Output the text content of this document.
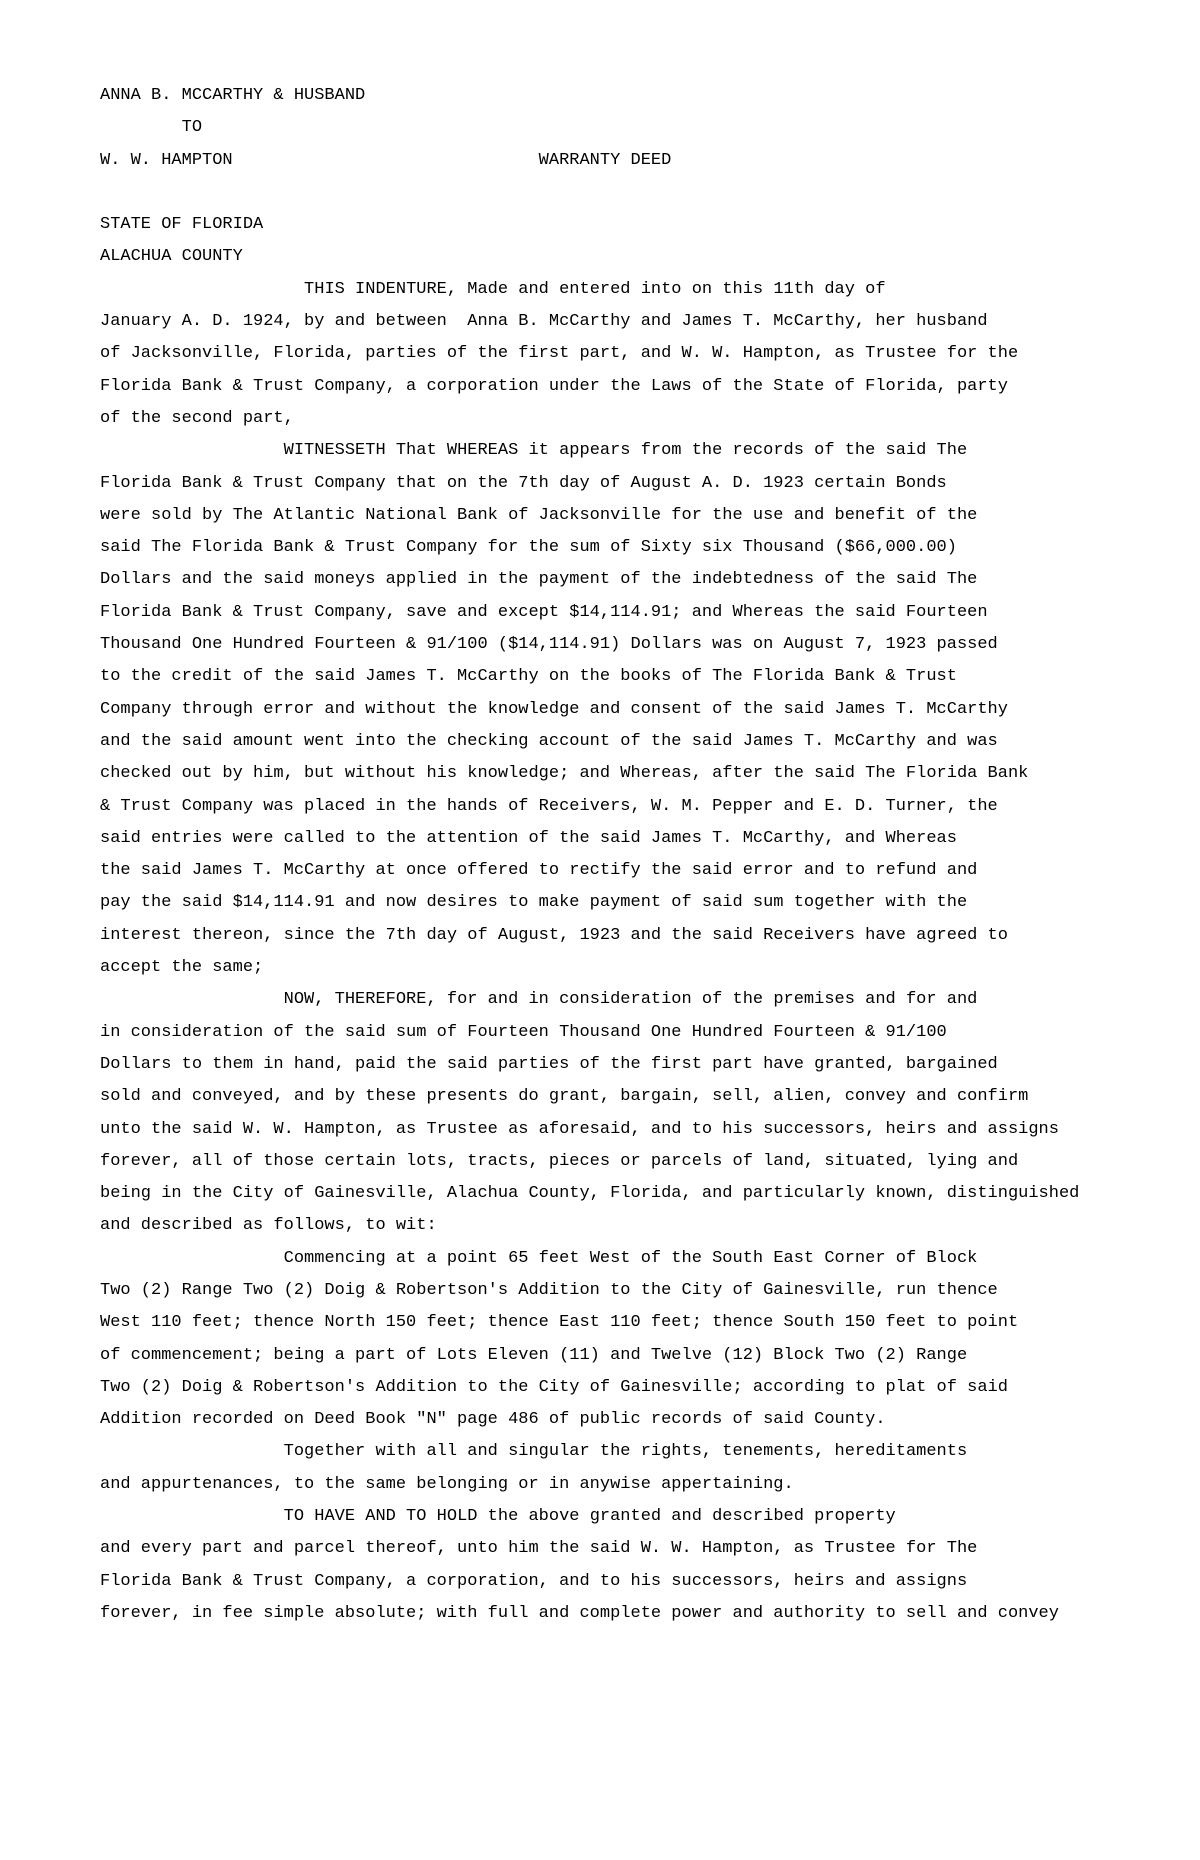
ANNA B. MCCARTHY & HUSBAND
TO
W. W. HAMPTON                              WARRANTY DEED

STATE OF FLORIDA
ALACHUA COUNTY
THIS INDENTURE, Made and entered into on this 11th day of
January A. D. 1924, by and between  Anna B. McCarthy and James T. McCarthy, her husband
of Jacksonville, Florida, parties of the first part, and W. W. Hampton, as Trustee for the
Florida Bank & Trust Company, a corporation under the Laws of the State of Florida, party
of the second part,
WITNESSETH That WHEREAS it appears from the records of the said The
Florida Bank & Trust Company that on the 7th day of August A. D. 1923 certain Bonds
were sold by The Atlantic National Bank of Jacksonville for the use and benefit of the
said The Florida Bank & Trust Company for the sum of Sixty six Thousand ($66,000.00)
Dollars and the said moneys applied in the payment of the indebtedness of the said The
Florida Bank & Trust Company, save and except $14,114.91; and Whereas the said Fourteen
Thousand One Hundred Fourteen & 91/100 ($14,114.91) Dollars was on August 7, 1923 passed
to the credit of the said James T. McCarthy on the books of The Florida Bank & Trust
Company through error and without the knowledge and consent of the said James T. McCarthy
and the said amount went into the checking account of the said James T. McCarthy and was
checked out by him, but without his knowledge; and Whereas, after the said The Florida Bank
& Trust Company was placed in the hands of Receivers, W. M. Pepper and E. D. Turner, the
said entries were called to the attention of the said James T. McCarthy, and Whereas
the said James T. McCarthy at once offered to rectify the said error and to refund and
pay the said $14,114.91 and now desires to make payment of said sum together with the
interest thereon, since the 7th day of August, 1923 and the said Receivers have agreed to
accept the same;
NOW, THEREFORE, for and in consideration of the premises and for and
in consideration of the said sum of Fourteen Thousand One Hundred Fourteen & 91/100
Dollars to them in hand, paid the said parties of the first part have granted, bargained
sold and conveyed, and by these presents do grant, bargain, sell, alien, convey and confirm
unto the said W. W. Hampton, as Trustee as aforesaid, and to his successors, heirs and assigns
forever, all of those certain lots, tracts, pieces or parcels of land, situated, lying and
being in the City of Gainesville, Alachua County, Florida, and particularly known, distinguished
and described as follows, to wit:
Commencing at a point 65 feet West of the South East Corner of Block
Two (2) Range Two (2) Doig & Robertson's Addition to the City of Gainesville, run thence
West 110 feet; thence North 150 feet; thence East 110 feet; thence South 150 feet to point
of commencement; being a part of Lots Eleven (11) and Twelve (12) Block Two (2) Range
Two (2) Doig & Robertson's Addition to the City of Gainesville; according to plat of said
Addition recorded on Deed Book "N" page 486 of public records of said County.
Together with all and singular the rights, tenements, hereditaments
and appurtenances, to the same belonging or in anywise appertaining.
TO HAVE AND TO HOLD the above granted and described property
and every part and parcel thereof, unto him the said W. W. Hampton, as Trustee for The
Florida Bank & Trust Company, a corporation, and to his successors, heirs and assigns
forever, in fee simple absolute; with full and complete power and authority to sell and convey
